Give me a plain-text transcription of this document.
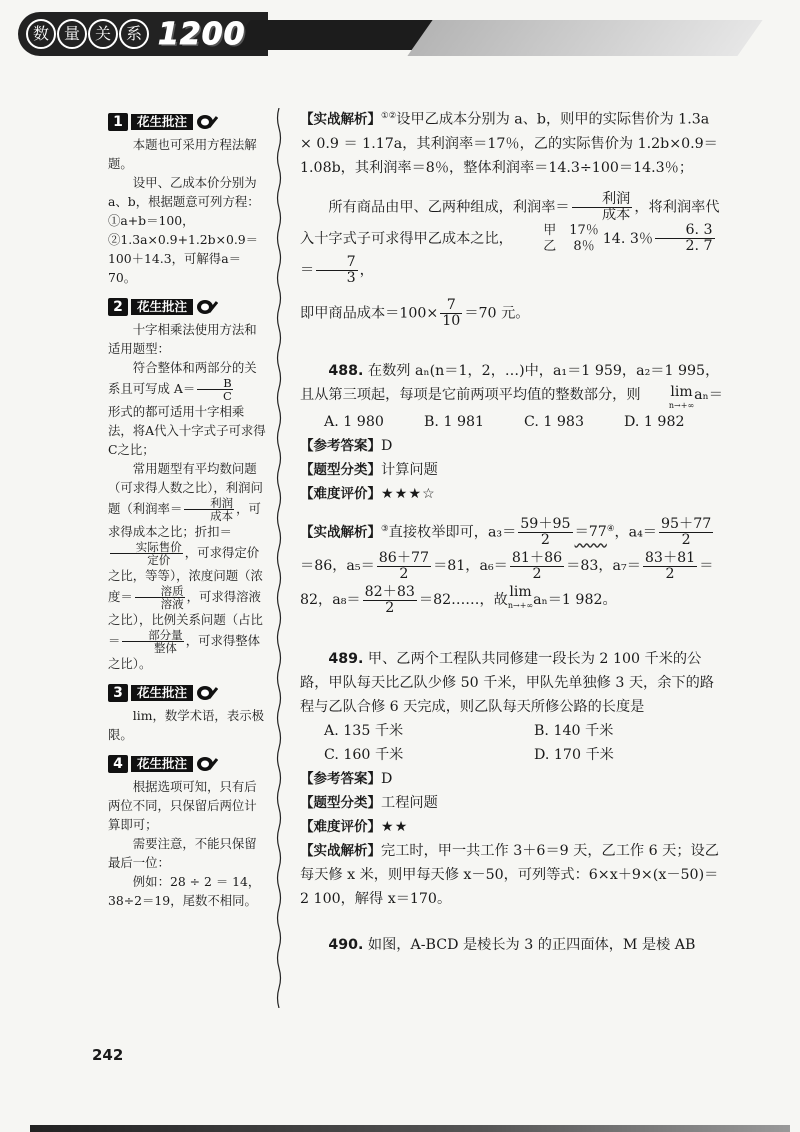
数 量 关 系 1200
1	花生批注

本题也可采用方程法解题。

设甲、乙成本价分别为a、b，根据题意可列方程：①a+b＝100，②1.3a×0.9+1.2b×0.9＝100＋14.3，可解得a＝70。

2	花生批注

十字相乘法使用方法和适用题型：

符合整体和两部分的关系且可写成 $A= \frac{B}{C}$

形式的都可适用十字相乘法，将A代入十字式子可求得C之比；

常用题型有平均数问题（可求得人数之比），利润问题（利润率＝ $\frac{\text{利润}}{\text{成本}}$ ，可求得成本之比；折扣＝
$\frac{\text{实际售价}}{\text{定价}}$ ，可求得定价之比，等等），浓度问题（浓度＝ $\frac{\text{溶质}}{\text{溶液}}$ ，可求得溶液之比），比例关系问题（占比＝ $\frac{\text{部分量}}{\text{整体}}$ ，可求得整体之比）。

3	花生批注

lim，数学术语，表示极限。

4	花生批注

根据选项可知，只有后两位不同，只保留后两位计算即可；

需要注意，不能只保留最后一位：

例如：28 ÷ 2 ＝ 14，38÷2＝19，尾数不相同。

【实战解析】①②设甲乙成本分别为 a、b，则甲的实际售价为 1.3a × 0.9 ＝ 1.17a，其利润率＝17％，乙的实际售价为 1.2b×0.9＝1.08b，其利润率＝8％，整体利润率＝14.3÷100＝14.3％；

所有商品由甲、乙两种组成，利润率＝ $\frac{\text{利润}}{\text{成本}}$ ，将利润率代入十字式子可求得甲乙成本之比，
甲　17％
乙　 8％ 14. 3％ $\frac{6. 3}{2. 7}$
＝ $\frac{7}{3}$ ，

即甲商品成本$=100\times \frac{7}{10} =70$ 元。

488. 在数列 aₙ(n＝1，2，…)中，a₁＝1 959，a₂＝1 995，且从第三项起，每项是它前两项平均值的整数部分，则	lim
n→+∞
aₙ＝

A. 1 980	B. 1 981	C. 1 983	D. 1 982

【参考答案】D

【题型分类】计算问题

【难度评价】★★★☆

【实战解析】③直接枚举即可，$a_3= \frac{59+95}{2} =77^④$，$a_4= \frac{95+77}{2}$
＝86，$a_5= \frac{86+77}{2} =81$，$a_6= \frac{81+86}{2} =83$，$a_7= \frac{83+81}{2} =82$，$a_8= \frac{82+83}{2}$ ＝82……，故 lim
n→+∞ aₙ＝1 982。

489. 甲、乙两个工程队共同修建一段长为 2 100 千米的公路，甲队每天比乙队少修 50 千米，甲队先单独修 3 天，余下的路程与乙队合修 6 天完成，则乙队每天所修公路的长度是

A. 135 千米	B. 140 千米
C. 160 千米	D. 170 千米

【参考答案】D

【题型分类】工程问题

【难度评价】★★

【实战解析】完工时，甲一共工作 3＋6＝9 天，乙工作 6 天；设乙每天修 x 米，则甲每天修 x－50，可列等式：6×x＋9×(x－50)＝2 100，解得 x＝170。

490. 如图，A‐BCD 是棱长为 3 的正四面体，M 是棱 AB

242
